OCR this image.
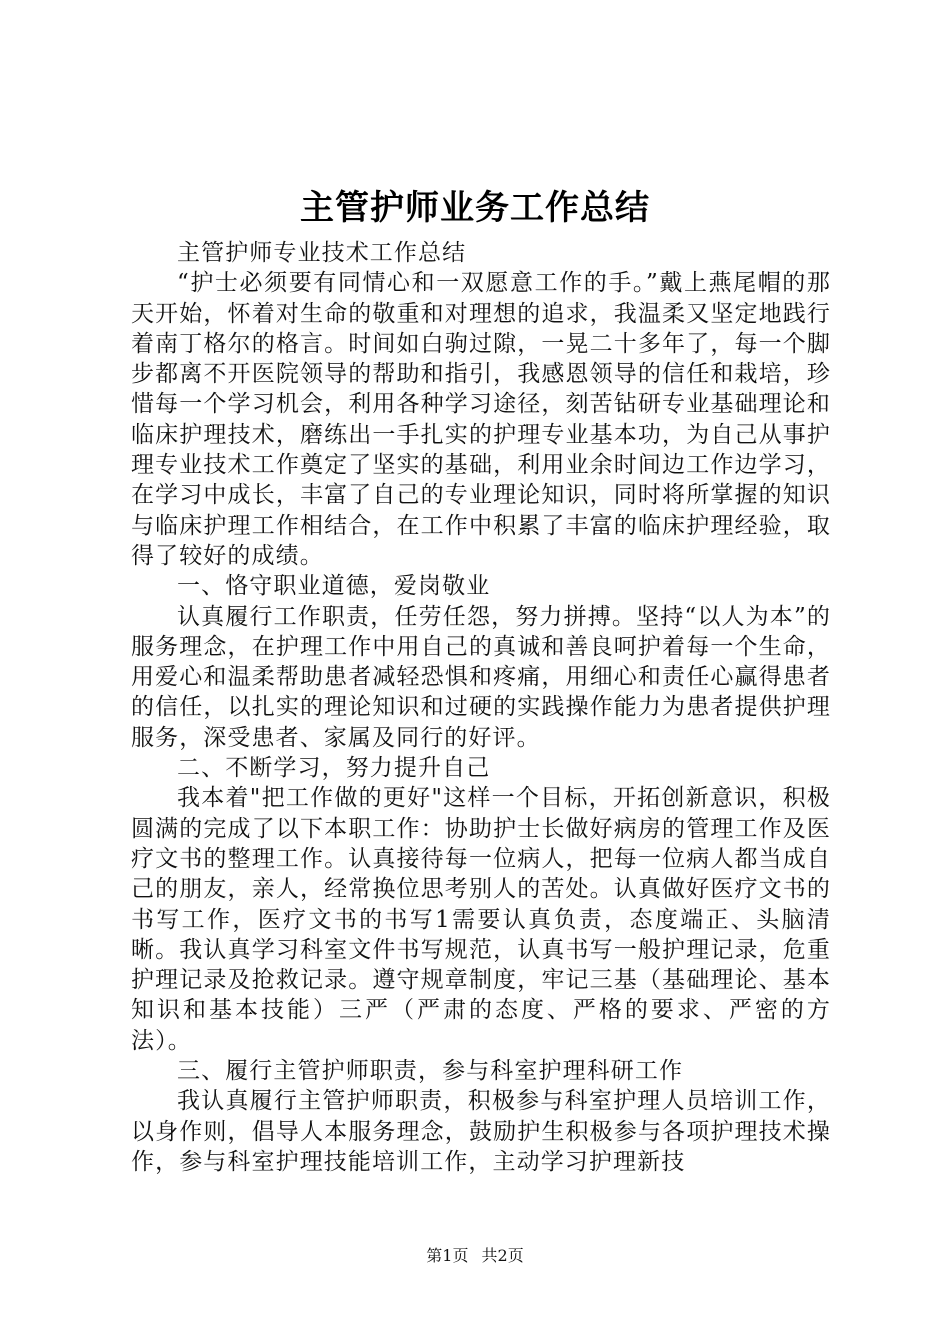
主管护师业务工作总结

主管护师专业技术工作总结

“护士必须要有同情心和一双愿意工作的手。”戴上燕尾帽的那天开始，怀着对生命的敬重和对理想的追求，我温柔又坚定地践行着南丁格尔的格言。时间如白驹过隙，一晃二十多年了，每一个脚步都离不开医院领导的帮助和指引，我感恩领导的信任和栽培，珍惜每一个学习机会，利用各种学习途径，刻苦钻研专业基础理论和临床护理技术，磨练出一手扎实的护理专业基本功，为自己从事护理专业技术工作奠定了坚实的基础，利用业余时间边工作边学习，在学习中成长，丰富了自己的专业理论知识，同时将所掌握的知识与临床护理工作相结合，在工作中积累了丰富的临床护理经验，取得了较好的成绩。

一、恪守职业道德，爱岗敬业

认真履行工作职责，任劳任怨，努力拼搏。坚持“以人为本”的服务理念，在护理工作中用自己的真诚和善良呵护着每一个生命，用爱心和温柔帮助患者减轻恐惧和疼痛，用细心和责任心赢得患者的信任，以扎实的理论知识和过硬的实践操作能力为患者提供护理服务，深受患者、家属及同行的好评。

二、不断学习，努力提升自己

我本着"把工作做的更好"这样一个目标，开拓创新意识，积极圆满的完成了以下本职工作：协助护士长做好病房的管理工作及医疗文书的整理工作。认真接待每一位病人，把每一位病人都当成自己的朋友，亲人，经常换位思考别人的苦处。认真做好医疗文书的书写工作，医疗文书的书写1需要认真负责，态度端正、头脑清晰。我认真学习科室文件书写规范，认真书写一般护理记录，危重护理记录及抢救记录。遵守规章制度，牢记三基（基础理论、基本知识和基本技能）三严（严肃的态度、严格的要求、严密的方法）。

三、履行主管护师职责，参与科室护理科研工作

我认真履行主管护师职责，积极参与科室护理人员培训工作，以身作则，倡导人本服务理念，鼓励护生积极参与各项护理技术操作，参与科室护理技能培训工作，主动学习护理新技

第1页 共2页
